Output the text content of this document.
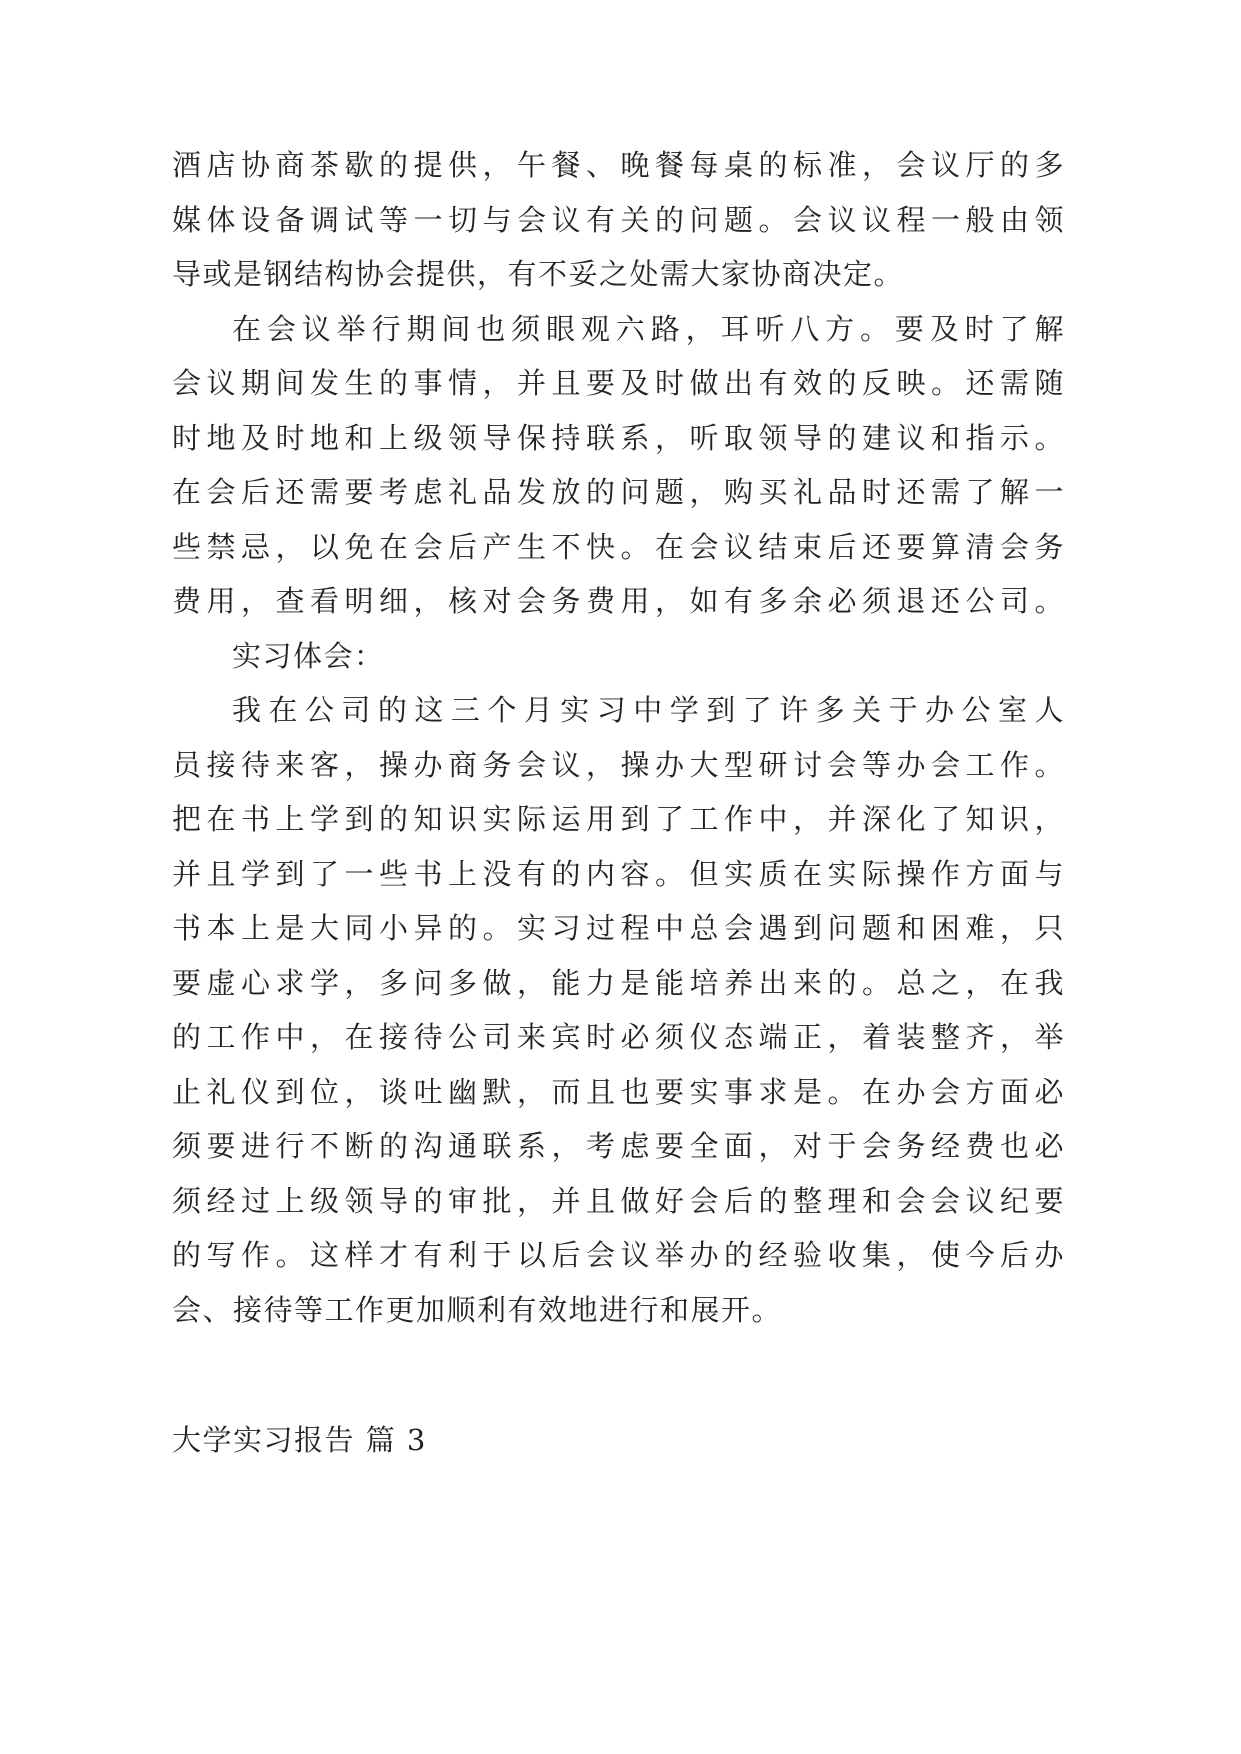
酒店协商茶歇的提供，午餐、晚餐每桌的标准，会议厅的多
媒体设备调试等一切与会议有关的问题。会议议程一般由领
导或是钢结构协会提供，有不妥之处需大家协商决定。
在会议举行期间也须眼观六路，耳听八方。要及时了解
会议期间发生的事情，并且要及时做出有效的反映。还需随
时地及时地和上级领导保持联系，听取领导的建议和指示。
在会后还需要考虑礼品发放的问题，购买礼品时还需了解一
些禁忌，以免在会后产生不快。在会议结束后还要算清会务
费用，查看明细，核对会务费用，如有多余必须退还公司。
实习体会：
我在公司的这三个月实习中学到了许多关于办公室人
员接待来客，操办商务会议，操办大型研讨会等办会工作。
把在书上学到的知识实际运用到了工作中，并深化了知识，
并且学到了一些书上没有的内容。但实质在实际操作方面与
书本上是大同小异的。实习过程中总会遇到问题和困难，只
要虚心求学，多问多做，能力是能培养出来的。总之，在我
的工作中，在接待公司来宾时必须仪态端正，着装整齐，举
止礼仪到位，谈吐幽默，而且也要实事求是。在办会方面必
须要进行不断的沟通联系，考虑要全面，对于会务经费也必
须经过上级领导的审批，并且做好会后的整理和会会议纪要
的写作。这样才有利于以后会议举办的经验收集，使今后办
会、接待等工作更加顺利有效地进行和展开。
大学实习报告 篇 3
